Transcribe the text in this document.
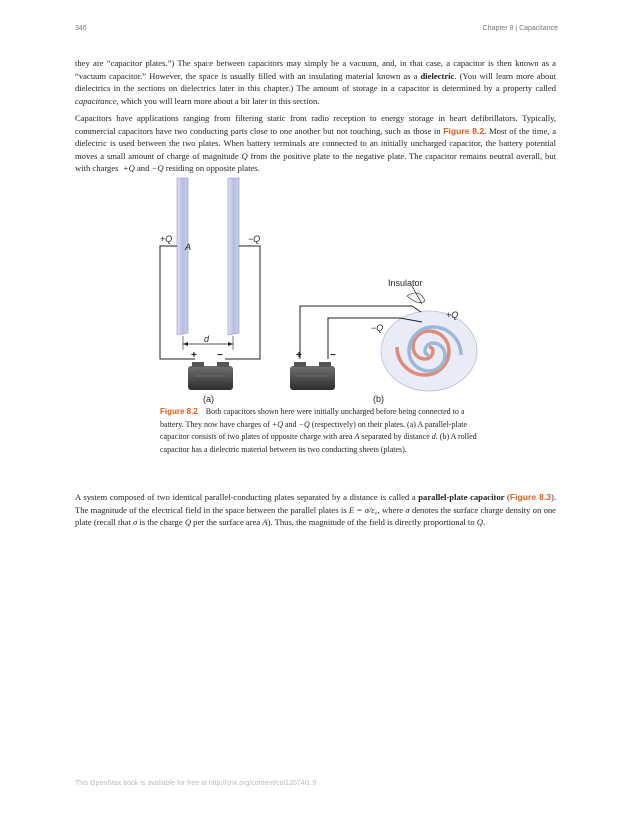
346	Chapter 8 | Capacitance
they are “capacitor plates.”) The space between capacitors may simply be a vacuum, and, in that case, a capacitor is then known as a “vacuum capacitor.” However, the space is usually filled with an insulating material known as a dielectric. (You will learn more about dielectrics in the sections on dielectrics later in this chapter.) The amount of storage in a capacitor is determined by a property called capacitance, which you will learn more about a bit later in this section.
Capacitors have applications ranging from filtering static from radio reception to energy storage in heart defibrillators. Typically, commercial capacitors have two conducting parts close to one another but not touching, such as those in Figure 8.2. Most of the time, a dielectric is used between the two plates. When battery terminals are connected to an initially uncharged capacitor, the battery potential moves a small amount of charge of magnitude Q from the positive plate to the negative plate. The capacitor remains neutral overall, but with charges  +Q and −Q residing on opposite plates.
+Q	−Q
A
d
+ −
(a)
Insulator
+Q
−Q
+	−
(b)
Figure 8.2 Both capacitors shown here were initially uncharged before being connected to a battery. They now have charges of +Q and −Q (respectively) on their plates. (a) A parallel-plate capacitor consists of two plates of opposite charge with area A separated by distance d. (b) A rolled capacitor has a dielectric material between its two conducting sheets (plates).
A system composed of two identical parallel-conducting plates separated by a distance is called a parallel-plate capacitor (Figure 8.3). The magnitude of the electrical field in the space between the parallel plates is E = σ/ε₀, where σ denotes the surface charge density on one plate (recall that σ is the charge Q per the surface area A). Thus, the magnitude of the field is directly proportional to Q.
This OpenStax book is available for free at http://cnx.org/content/col12074/1.9
